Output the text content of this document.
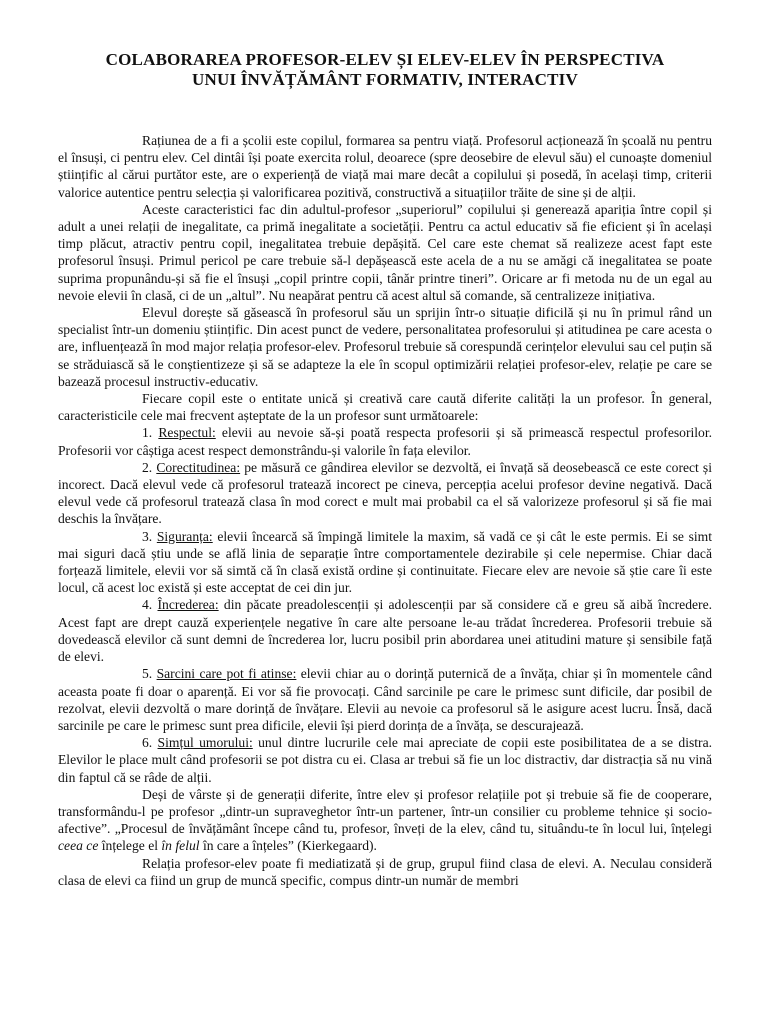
COLABORAREA PROFESOR-ELEV ȘI ELEV-ELEV ÎN PERSPECTIVA
UNUI ÎNVĂȚĂMÂNT FORMATIV, INTERACTIV

Rațiunea de a fi a școlii este copilul, formarea sa pentru viață. Profesorul acționează în școală nu pentru el însuși, ci pentru elev. Cel dintâi își poate exercita rolul, deoarece (spre deosebire de elevul său) el cunoaște domeniul științific al cărui purtător este, are o experiență de viață mai mare decât a copilului și posedă, în același timp, criterii valorice autentice pentru selecția și valorificarea pozitivă, constructivă a situațiilor trăite de sine și de alții.

Aceste caracteristici fac din adultul-profesor „superiorul” copilului și generează apariția între copil și adult a unei relații de inegalitate, ca primă inegalitate a societății. Pentru ca actul educativ să fie eficient și în același timp plăcut, atractiv pentru copil, inegalitatea trebuie depășită. Cel care este chemat să realizeze acest fapt este profesorul însuși. Primul pericol pe care trebuie să-l depășească este acela de a nu se amăgi că inegalitatea se poate suprima propunându-și să fie el însuși „copil printre copii, tânăr printre tineri”. Oricare ar fi metoda nu de un egal au nevoie elevii în clasă, ci de un „altul”. Nu neapărat pentru că acest altul să comande, să centralizeze inițiativa.

Elevul dorește să găsească în profesorul său un sprijin într-o situație dificilă și nu în primul rând un specialist într-un domeniu științific. Din acest punct de vedere, personalitatea profesorului și atitudinea pe care acesta o are, influențează în mod major relația profesor-elev. Profesorul trebuie să corespundă cerințelor elevului sau cel puțin să se străduiască să le conștientizeze și să se adapteze la ele în scopul optimizării relației profesor-elev, relație pe care se bazează procesul instructiv-educativ.

Fiecare copil este o entitate unică și creativă care caută diferite calități la un profesor. În general, caracteristicile cele mai frecvent așteptate de la un profesor sunt următoarele:

1. Respectul: elevii au nevoie să-și poată respecta profesorii și să primească respectul profesorilor. Profesorii vor câștiga acest respect demonstrându-și valorile în fața elevilor.

2. Corectitudinea: pe măsură ce gândirea elevilor se dezvoltă, ei învață să deosebească ce este corect și incorect. Dacă elevul vede că profesorul tratează incorect pe cineva, percepția acelui profesor devine negativă. Dacă elevul vede că profesorul tratează clasa în mod corect e mult mai probabil ca el să valorizeze profesorul și să fie mai deschis la învățare.

3. Siguranța: elevii încearcă să împingă limitele la maxim, să vadă ce și cât le este permis. Ei se simt mai siguri dacă știu unde se află linia de separație între comportamentele dezirabile și cele nepermise. Chiar dacă forțează limitele, elevii vor să simtă că în clasă există ordine și continuitate. Fiecare elev are nevoie să știe care îi este locul, că acest loc există și este acceptat de cei din jur.

4. Încrederea: din păcate preadolescenții și adolescenții par să considere că e greu să aibă încredere. Acest fapt are drept cauză experiențele negative în care alte persoane le-au trădat încrederea. Profesorii trebuie să dovedească elevilor că sunt demni de încrederea lor, lucru posibil prin abordarea unei atitudini mature și sensibile față de elevi.

5. Sarcini care pot fi atinse: elevii chiar au o dorință puternică de a învăța, chiar și în momentele când aceasta poate fi doar o aparență. Ei vor să fie provocați. Când sarcinile pe care le primesc sunt dificile, dar posibil de rezolvat, elevii dezvoltă o mare dorință de învățare. Elevii au nevoie ca profesorul să le asigure acest lucru. Însă, dacă sarcinile pe care le primesc sunt prea dificile, elevii își pierd dorința de a învăța, se descurajează.

6. Simțul umorului: unul dintre lucrurile cele mai apreciate de copii este posibilitatea de a se distra. Elevilor le place mult când profesorii se pot distra cu ei. Clasa ar trebui să fie un loc distractiv, dar distracția să nu vină din faptul că se râde de alții.

Deși de vârste și de generații diferite, între elev și profesor relațiile pot și trebuie să fie de cooperare, transformându-l pe profesor „dintr-un supraveghetor într-un partener, într-un consilier cu probleme tehnice și socio-afective”. „Procesul de învățământ începe când tu, profesor, înveți de la elev, când tu, situându-te în locul lui, înțelegi ceea ce înțelege el în felul în care a înțeles” (Kierkegaard).

Relația profesor-elev poate fi mediatizată și de grup, grupul fiind clasa de elevi. A. Neculau consideră clasa de elevi ca fiind un grup de muncă specific, compus dintr-un număr de membri
